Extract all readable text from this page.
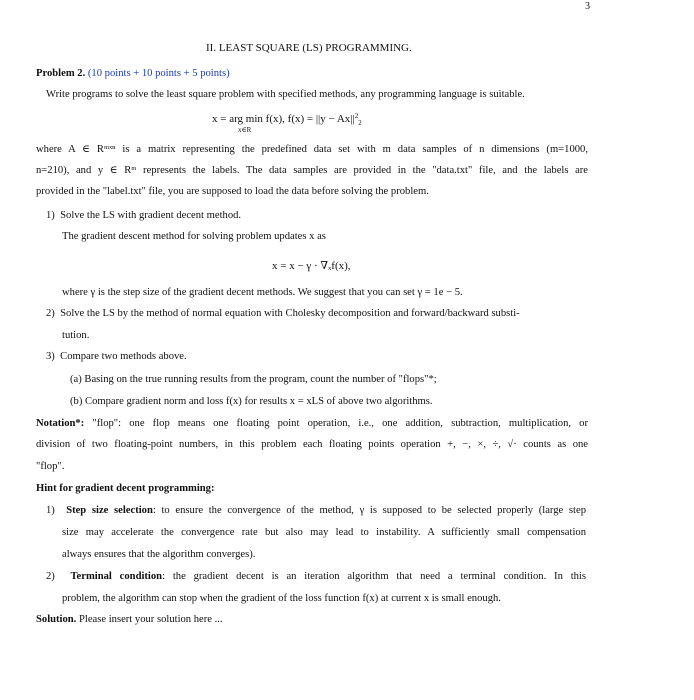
3
II. LEAST SQUARE (LS) PROGRAMMING.
Problem 2. (10 points + 10 points + 5 points)
Write programs to solve the least square problem with specified methods, any programming language is suitable.
x = arg min f(x), $f(x) = ||y - Ax||^2_2$
x∈R
where A ∈ Rᵐˣⁿ is a matrix representing the predefined data set with m data samples of n dimensions (m=1000,
n=210), and y ∈ Rᵐ represents the labels. The data samples are provided in the "data.txt" file, and the labels are
provided in the "label.txt" file, you are supposed to load the data before solving the problem.
1) Solve the LS with gradient decent method.
The gradient descent method for solving problem updates x as
x = x − γ · ∇ₓf(x),
where γ is the step size of the gradient decent methods. We suggest that you can set γ = 1e − 5.
2) Solve the LS by the method of normal equation with Cholesky decomposition and forward/backward substi-
tution.
3) Compare two methods above.
(a) Basing on the true running results from the program, count the number of "flops"*;
(b) Compare gradient norm and loss f(x) for results x = xLS of above two algorithms.
Notation*: "flop": one flop means one floating point operation, i.e., one addition, subtraction, multiplication, or
division of two floating-point numbers, in this problem each floating points operation +, −, ×, ÷, √· counts as one
"flop".
Hint for gradient decent programming:
1) Step size selection: to ensure the convergence of the method, γ is supposed to be selected properly (large step
size may accelerate the convergence rate but also may lead to instability. A sufficiently small compensation
always ensures that the algorithm converges).
2) Terminal condition: the gradient decent is an iteration algorithm that need a terminal condition. In this
problem, the algorithm can stop when the gradient of the loss function f(x) at current x is small enough.
Solution. Please insert your solution here ...
